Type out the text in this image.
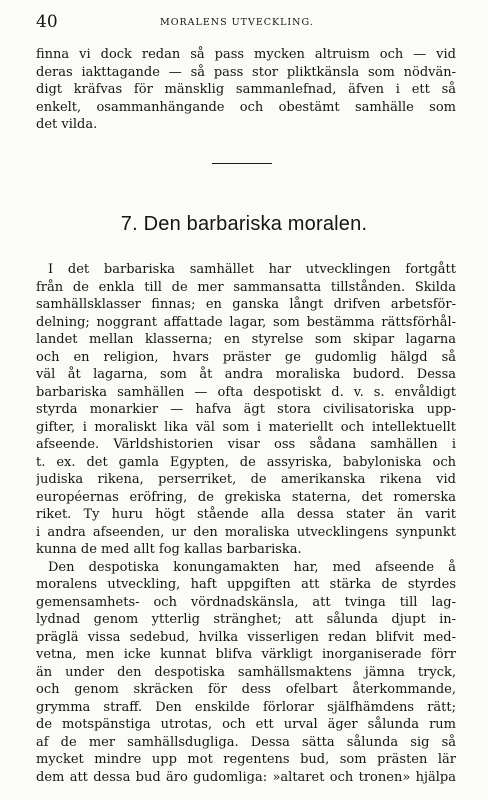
40	MORALENS UTVECKLING.
finna vi dock redan så pass mycken altruism och — vid
deras iakttagande — så pass stor pliktkänsla som nödvän-
digt kräfvas för mänsklig sammanlefnad, äfven i ett så
enkelt, osammanhängande och obestämt samhälle som
det vilda.
7. Den barbariska moralen.
I det barbariska samhället har utvecklingen fortgått
från de enkla till de mer sammansatta tillstånden. Skilda
samhällsklasser finnas; en ganska långt drifven arbetsför-
delning; noggrant affattade lagar, som bestämma rättsförhål-
landet mellan klasserna; en styrelse som skipar lagarna
och en religion, hvars präster ge gudomlig hälgd så
väl åt lagarna, som åt andra moraliska budord. Dessa
barbariska samhällen — ofta despotiskt d. v. s. envåldigt
styrda monarkier — hafva ägt stora civilisatoriska upp-
gifter, i moraliskt lika väl som i materiellt och intellektuellt
afseende. Världshistorien visar oss sådana samhällen i
t. ex. det gamla Egypten, de assyriska, babyloniska och
judiska rikena, perserriket, de amerikanska rikena vid
européernas eröfring, de grekiska staterna, det romerska
riket. Ty huru högt stående alla dessa stater än varit
i andra afseenden, ur den moraliska utvecklingens synpunkt
kunna de med allt fog kallas barbariska.
Den despotiska konungamakten har, med afseende å
moralens utveckling, haft uppgiften att stärka de styrdes
gemensamhets- och vördnadskänsla, att tvinga till lag-
lydnad genom ytterlig stränghet; att sålunda djupt in-
präglä vissa sedebud, hvilka visserligen redan blifvit med-
vetna, men icke kunnat blifva värkligt inorganiserade förr
än under den despotiska samhällsmaktens jämna tryck,
och genom skräcken för dess ofelbart återkommande,
grymma straff. Den enskilde förlorar själfhämdens rätt;
de motspänstiga utrotas, och ett urval äger sålunda rum
af de mer samhällsdugliga. Dessa sätta sålunda sig så
mycket mindre upp mot regentens bud, som prästen lär
dem att dessa bud äro gudomliga: »altaret och tronen» hjälpa
